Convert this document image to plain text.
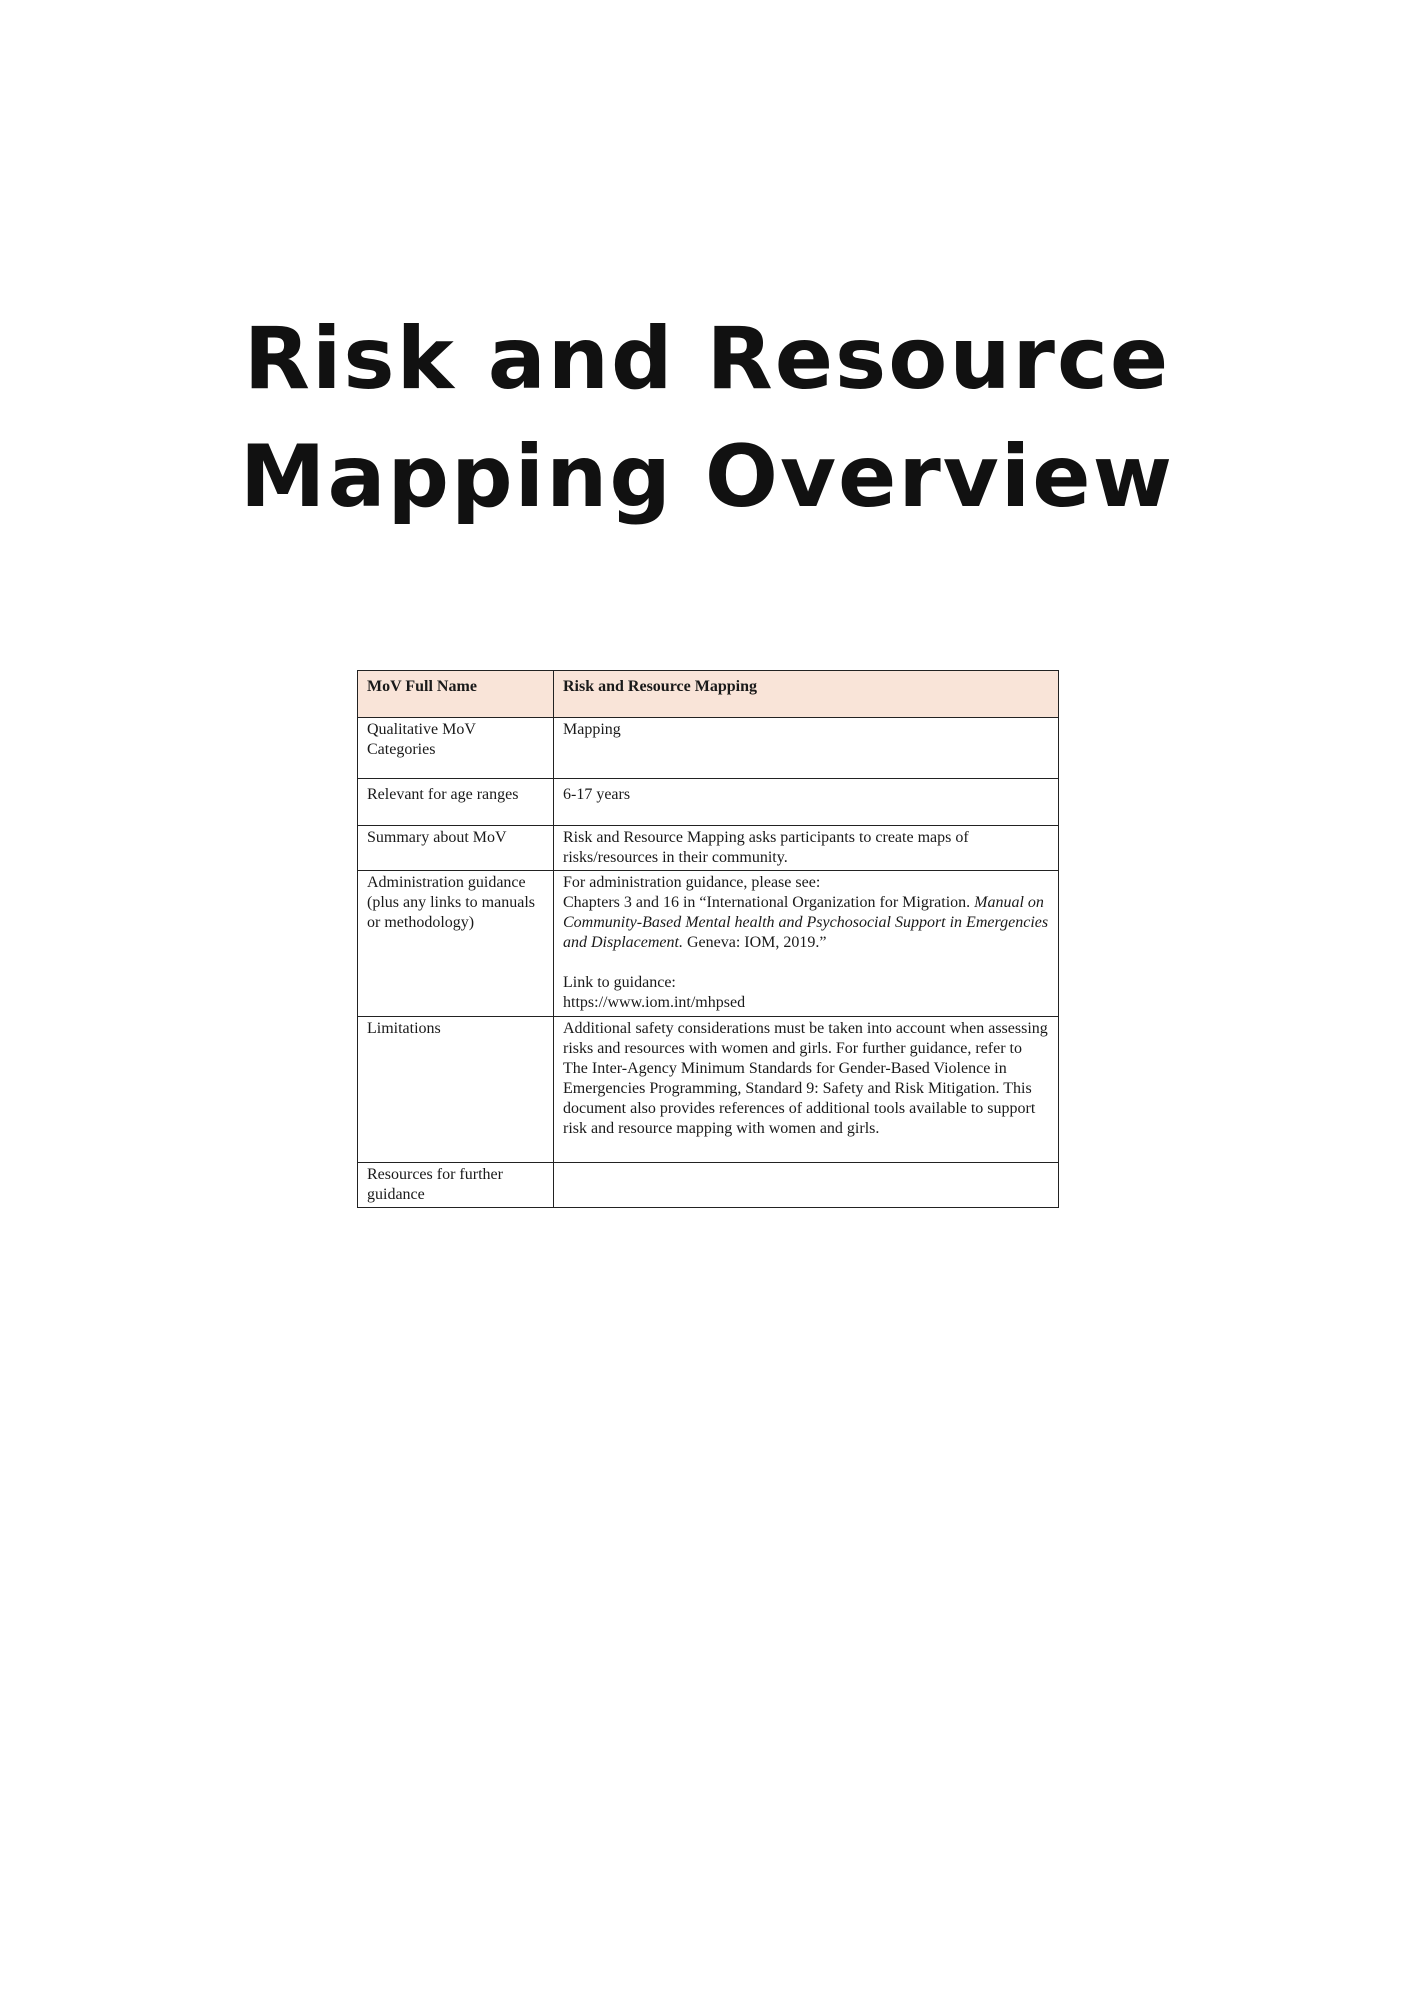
Risk and Resource
Mapping Overview
MoV Full Name	Risk and Resource Mapping
Qualitative MoV Categories	Mapping
Relevant for age ranges	6-17 years
Summary about MoV	Risk and Resource Mapping asks participants to create maps of risks/resources in their community.
Administration guidance (plus any links to manuals or methodology)	For administration guidance, please see:
Chapters 3 and 16 in “International Organization for Migration. Manual on Community-Based Mental health and Psychosocial Support in Emergencies and Displacement. Geneva: IOM, 2019.”
Link to guidance:
https://www.iom.int/mhpsed

Limitations	Additional safety considerations must be taken into account when assessing risks and resources with women and girls. For further guidance, refer to The Inter-Agency Minimum Standards for Gender-Based Violence in Emergencies Programming, Standard 9: Safety and Risk Mitigation. This document also provides references of additional tools available to support risk and resource mapping with women and girls.
Resources for further guidance	
